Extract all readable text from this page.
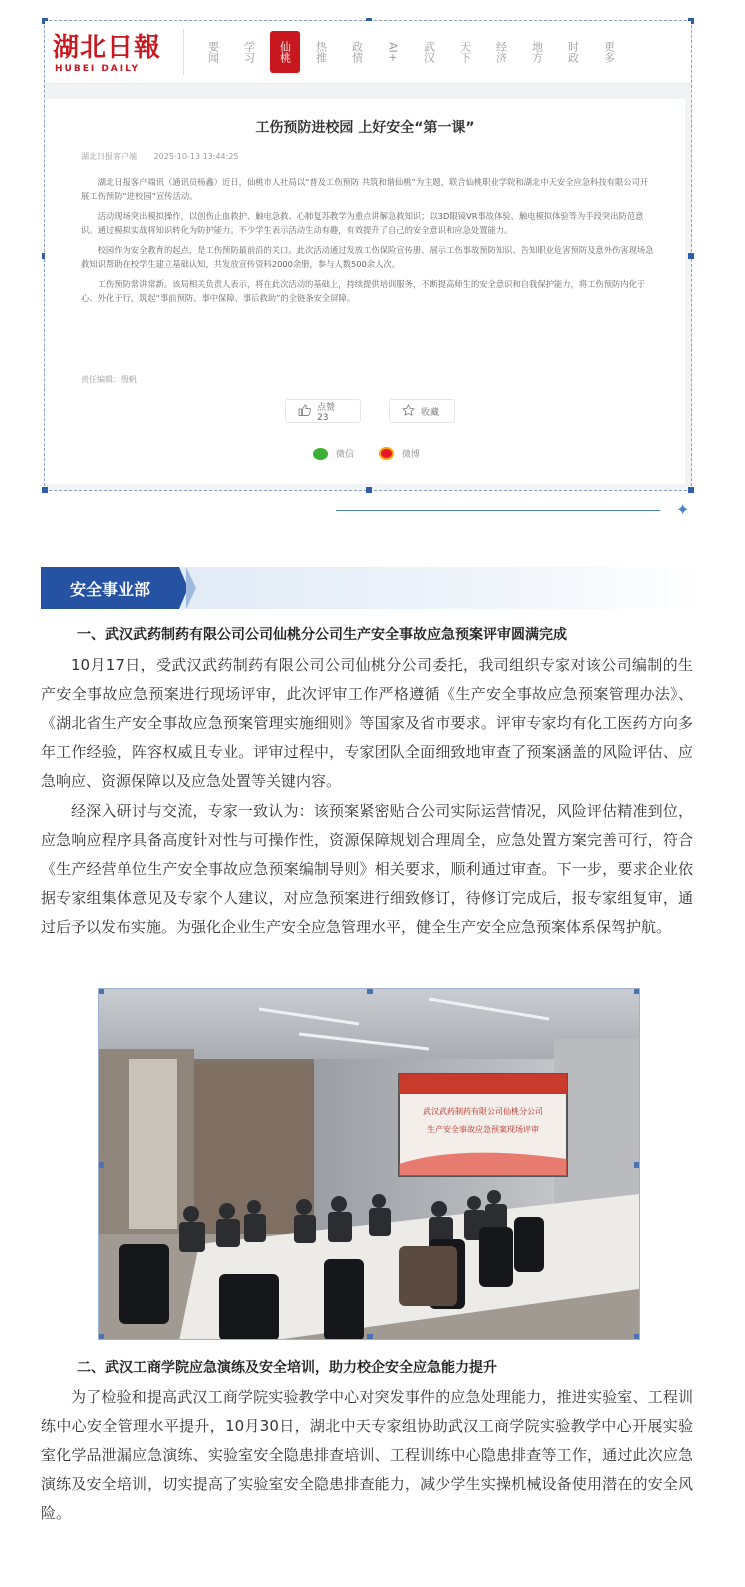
湖北日報
HUBEI DAILY
要闻	学习	仙桃	热推	政情	AI+	武汉	天下	经济	地方	时政	更多
工伤预防进校园 上好安全“第一课”
湖北日报客户端 2025-10-13 13:44:25

湖北日报客户端讯（通讯员杨鑫）近日，仙桃市人社局以“普及工伤预防 共筑和谐仙桃”为主题，联合仙桃职业学院和湖北中天安全应急科技有限公司开展工伤预防“进校园”宣传活动。

活动现场突出模拟操作，以创伤止血救护、触电急救、心肺复苏教学为重点讲解急救知识；以3D眼镜VR事故体验、触电模拟体验等为手段突出防范意识。通过模拟实战将知识转化为防护能力。不少学生表示活动生动有趣，有效提升了自己的安全意识和应急处置能力。

校园作为安全教育的起点，是工伤预防最前沿的关口。此次活动通过发放工伤保险宣传册、展示工伤事故预防知识、告知职业危害预防及意外伤害现场急救知识帮助在校学生建立基础认知，共发放宣传资料2000余册，参与人数500余人次。

工伤预防常讲常新。该局相关负责人表示，将在此次活动的基础上，持续提供培训服务，不断提高师生的安全意识和自我保护能力，将工伤预防内化于心、外化于行，筑起“事前预防、事中保障、事后救助”的全链条安全屏障。

责任编辑：殷帆
点赞 23	收藏
微信	微博
✦
安全事业部
一、武汉武药制药有限公司公司仙桃分公司生产安全事故应急预案评审圆满完成

10月17日，受武汉武药制药有限公司公司仙桃分公司委托，我司组织专家对该公司编制的生产安全事故应急预案进行现场评审，此次评审工作严格遵循《生产安全事故应急预案管理办法》、《湖北省生产安全事故应急预案管理实施细则》等国家及省市要求。评审专家均有化工医药方向多年工作经验，阵容权威且专业。评审过程中，专家团队全面细致地审查了预案涵盖的风险评估、应急响应、资源保障以及应急处置等关键内容。

经深入研讨与交流，专家一致认为：该预案紧密贴合公司实际运营情况，风险评估精准到位，应急响应程序具备高度针对性与可操作性，资源保障规划合理周全，应急处置方案完善可行，符合《生产经营单位生产安全事故应急预案编制导则》相关要求，顺利通过审查。下一步，要求企业依据专家组集体意见及专家个人建议，对应急预案进行细致修订，待修订完成后，报专家组复审，通过后予以发布实施。为强化企业生产安全应急管理水平，健全生产安全应急预案体系保驾护航。

武汉武药制药有限公司仙桃分公司
生产安全事故应急预案现场评审
二、武汉工商学院应急演练及安全培训，助力校企安全应急能力提升

为了检验和提高武汉工商学院实验教学中心对突发事件的应急处理能力，推进实验室、工程训练中心安全管理水平提升，10月30日，湖北中天专家组协助武汉工商学院实验教学中心开展实验室化学品泄漏应急演练、实验室安全隐患排查培训、工程训练中心隐患排查等工作，通过此次应急演练及安全培训，切实提高了实验室安全隐患排查能力，减少学生实操机械设备使用潜在的安全风险。
